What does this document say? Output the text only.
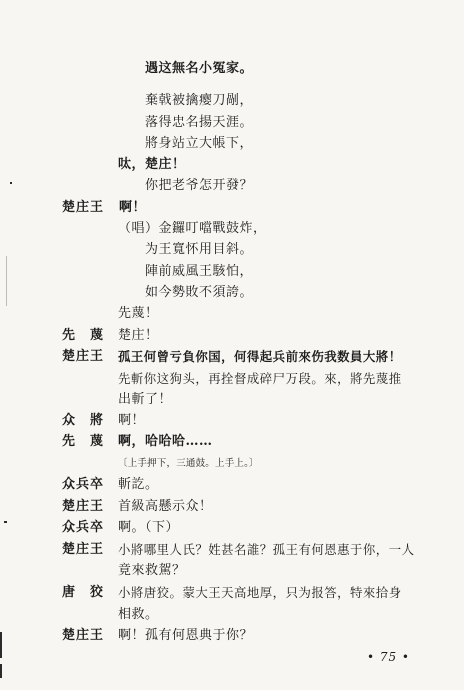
遇这無名小冤家。
棄戟被擒瘿刀剮，
落得忠名揚天涯。
將身站立大帳下，
呔，楚庄！
你把老爷怎开發？
楚庄王 啊！
（唱）金鑼叮噹戰鼓炸，
为王寬怀用目斜。
陣前威風王駭怕，
如今勢敗不須誇。
先蔑！
先　蔑 楚庄！
楚庄王 孤王何曾亏負你国，何得起兵前來伤我数員大將！
先斬你这狗头，再拴督成碎尸万段。來，將先蔑推
出斬了！
众　將 啊！
先　蔑 啊，哈哈哈……
〔上手押下，三通鼓。上手上。〕
众兵卒 斬訖。
楚庄王 首級高懸示众！
众兵卒 啊。（下）
楚庄王 小將哪里人氏？姓甚名誰？孤王有何恩惠于你，一人
竟來救駕？
唐　狡 小將唐狡。蒙大王天高地厚，只为报答，特來拾身
相救。
楚庄王 啊！孤有何恩典于你？
• 75 •
